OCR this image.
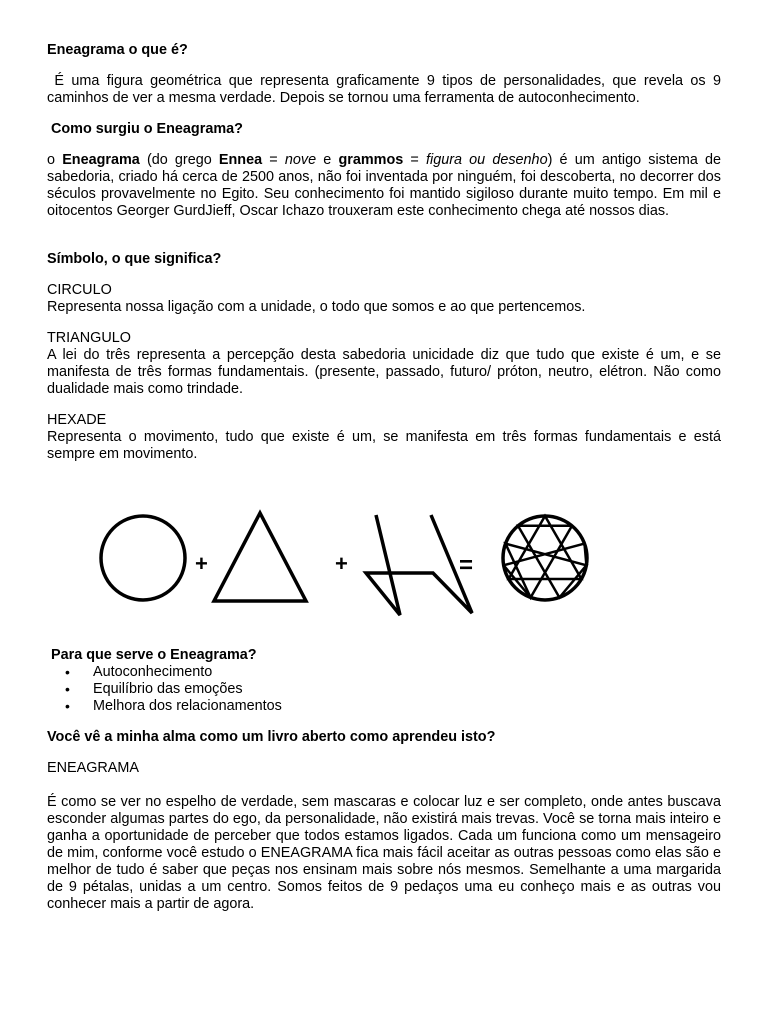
Eneagrama o que é?

É uma figura geométrica que representa graficamente 9 tipos de personalidades, que revela os 9 caminhos de ver a mesma verdade. Depois se tornou uma ferramenta de autoconhecimento.

Como surgiu o Eneagrama?

o Eneagrama (do grego Ennea = nove e grammos = figura ou desenho) é um antigo sistema de sabedoria, criado há cerca de 2500 anos, não foi inventada por ninguém, foi descoberta, no decorrer dos séculos provavelmente no Egito. Seu conhecimento foi mantido sigiloso durante muito tempo. Em mil e oitocentos Georger GurdJieff, Oscar Ichazo trouxeram este conhecimento chega até nossos dias.

Símbolo, o que significa?

CIRCULO

Representa nossa ligação com a unidade, o todo que somos e ao que pertencemos.

TRIANGULO

A lei do três representa a percepção desta sabedoria unicidade diz que tudo que existe é um, e se manifesta de três formas fundamentais. (presente, passado, futuro/ próton, neutro, elétron. Não como dualidade mais como trindade.

HEXADE

Representa o movimento, tudo que existe é um, se manifesta em três formas fundamentais e está sempre em movimento.

+	+	=

Para que serve o Eneagrama?

• Autoconhecimento
• Equilíbrio das emoções
• Melhora dos relacionamentos

Você vê a minha alma como um livro aberto como aprendeu isto?

ENEAGRAMA

É como se ver no espelho de verdade, sem mascaras e colocar luz e ser completo, onde antes buscava esconder algumas partes do ego, da personalidade, não existirá mais trevas. Você se torna mais inteiro e ganha a oportunidade de perceber que todos estamos ligados. Cada um funciona como um mensageiro de mim, conforme você estudo o ENEAGRAMA fica mais fácil aceitar as outras pessoas como elas são e melhor de tudo é saber que peças nos ensinam mais sobre nós mesmos. Semelhante a uma margarida de 9 pétalas, unidas a um centro. Somos feitos de 9 pedaços uma eu conheço mais e as outras vou conhecer mais a partir de agora.
